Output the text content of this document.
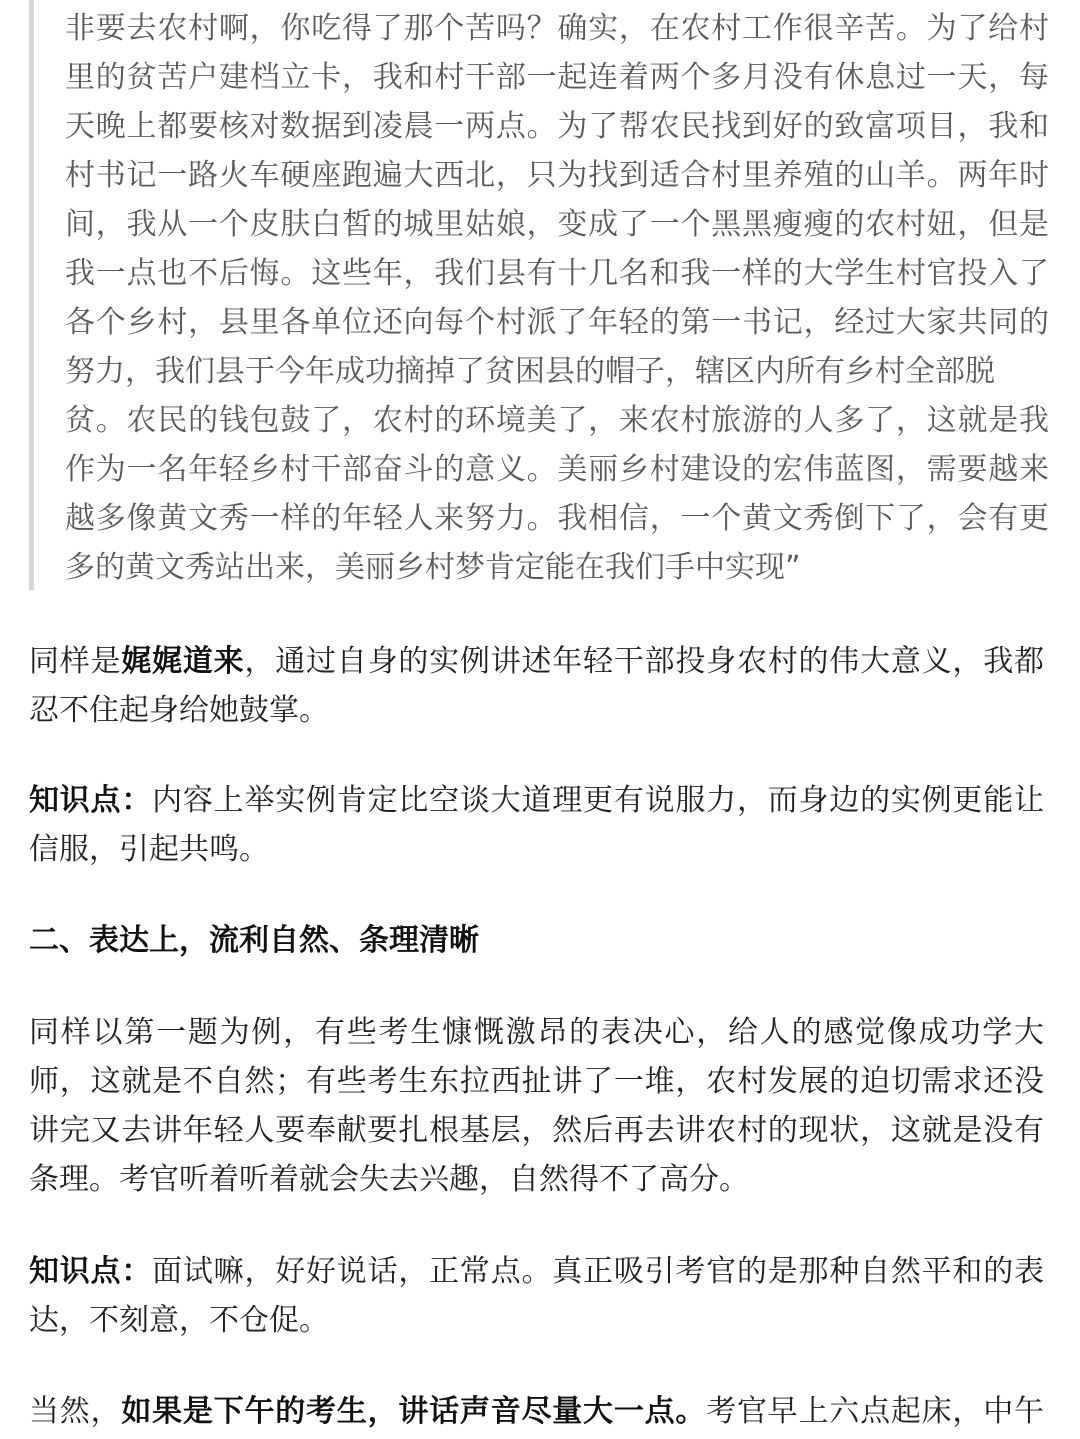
非要去农村啊，你吃得了那个苦吗？确实，在农村工作很辛苦。为了给村
里的贫苦户建档立卡，我和村干部一起连着两个多月没有休息过一天，每
天晚上都要核对数据到凌晨一两点。为了帮农民找到好的致富项目，我和
村书记一路火车硬座跑遍大西北，只为找到适合村里养殖的山羊。两年时
间，我从一个皮肤白皙的城里姑娘，变成了一个黑黑瘦瘦的农村妞，但是
我一点也不后悔。这些年，我们县有十几名和我一样的大学生村官投入了
各个乡村，县里各单位还向每个村派了年轻的第一书记，经过大家共同的
努力，我们县于今年成功摘掉了贫困县的帽子，辖区内所有乡村全部脱
贫。农民的钱包鼓了，农村的环境美了，来农村旅游的人多了，这就是我
作为一名年轻乡村干部奋斗的意义。美丽乡村建设的宏伟蓝图，需要越来
越多像黄文秀一样的年轻人来努力。我相信，一个黄文秀倒下了，会有更
多的黄文秀站出来，美丽乡村梦肯定能在我们手中实现”
同样是娓娓道来，通过自身的实例讲述年轻干部投身农村的伟大意义，我都
忍不住起身给她鼓掌。
知识点：内容上举实例肯定比空谈大道理更有说服力，而身边的实例更能让
信服，引起共鸣。
二、表达上，流利自然、条理清晰
同样以第一题为例，有些考生慷慨激昂的表决心，给人的感觉像成功学大
师，这就是不自然；有些考生东拉西扯讲了一堆，农村发展的迫切需求还没
讲完又去讲年轻人要奉献要扎根基层，然后再去讲农村的现状，这就是没有
条理。考官听着听着就会失去兴趣，自然得不了高分。
知识点：面试嘛，好好说话，正常点。真正吸引考官的是那种自然平和的表
达，不刻意，不仓促。
当然，如果是下午的考生，讲话声音尽量大一点。考官早上六点起床，中午
